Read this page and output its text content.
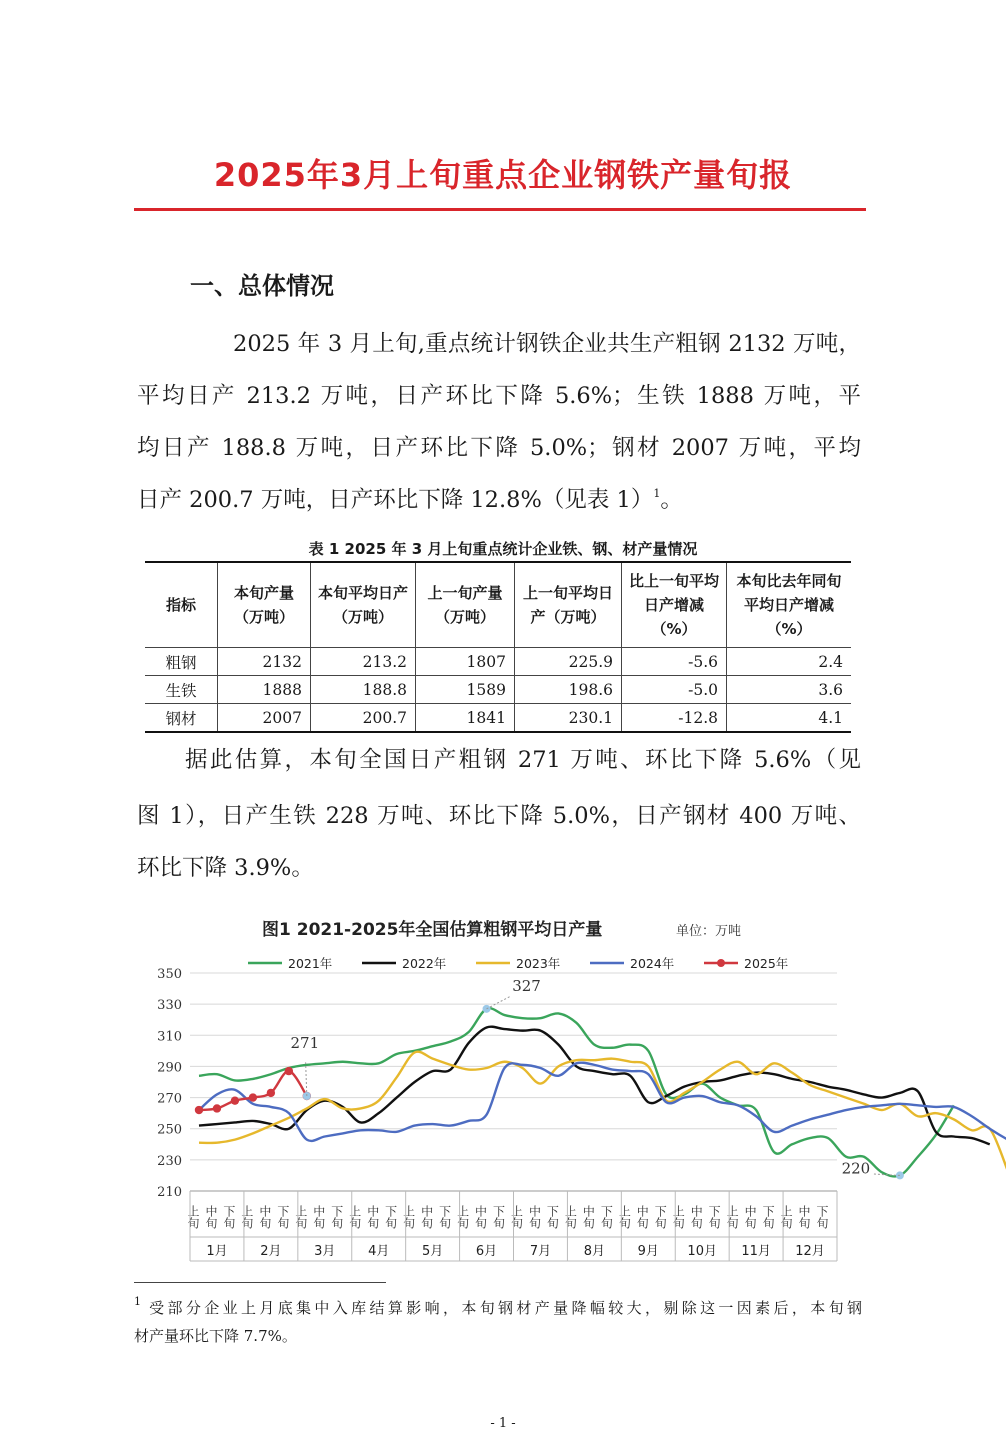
2025年3月上旬重点企业钢铁产量旬报
一、总体情况
2025 年 3 月上旬,重点统计钢铁企业共生产粗钢 2132 万吨，
平均日产 213.2 万吨，日产环比下降 5.6%；生铁 1888 万吨，平
均日产 188.8 万吨，日产环比下降 5.0%；钢材 2007 万吨，平均
日产 200.7 万吨，日产环比下降 12.8%（见表 1）$^1$。
表 1 2025 年 3 月上旬重点统计企业铁、钢、材产量情况
指标	本旬产量（万吨）	本旬平均日产（万吨）	上一旬产量（万吨）	上一旬平均日产（万吨）	比上一旬平均日产增减（%）	本旬比去年同旬平均日产增减（%）
粗钢	2132	213.2	1807	225.9	-5.6	2.4
生铁	1888	188.8	1589	198.6	-5.0	3.6
钢材	2007	200.7	1841	230.1	-12.8	4.1
据此估算，本旬全国日产粗钢 271 万吨、环比下降 5.6%（见
图 1），日产生铁 228 万吨、环比下降 5.0%，日产钢材 400 万吨、
环比下降 3.9%。
图1 2021-2025年全国估算粗钢平均日产量	单位：万吨
2021年	2022年	2023年	2024年	2025年
210
230
250
270
290
310
330
350
上旬 中旬 下旬 上旬 中旬 下旬 上旬 中旬 下旬 上旬 中旬 下旬 上旬 中旬 下旬 上旬 中旬 下旬 上旬 中旬 下旬 上旬 中旬 下旬 上旬 中旬 下旬 上旬 中旬 下旬 上旬 中旬 下旬 上旬 中旬 下旬
1月	2月	3月	4月	5月	6月	7月	8月	9月 10月 11月 12月
327
271
220
$^1$ 受部分企业上月底集中入库结算影响，本旬钢材产量降幅较大，剔除这一因素后，本旬钢
材产量环比下降 7.7%。
- 1 -
